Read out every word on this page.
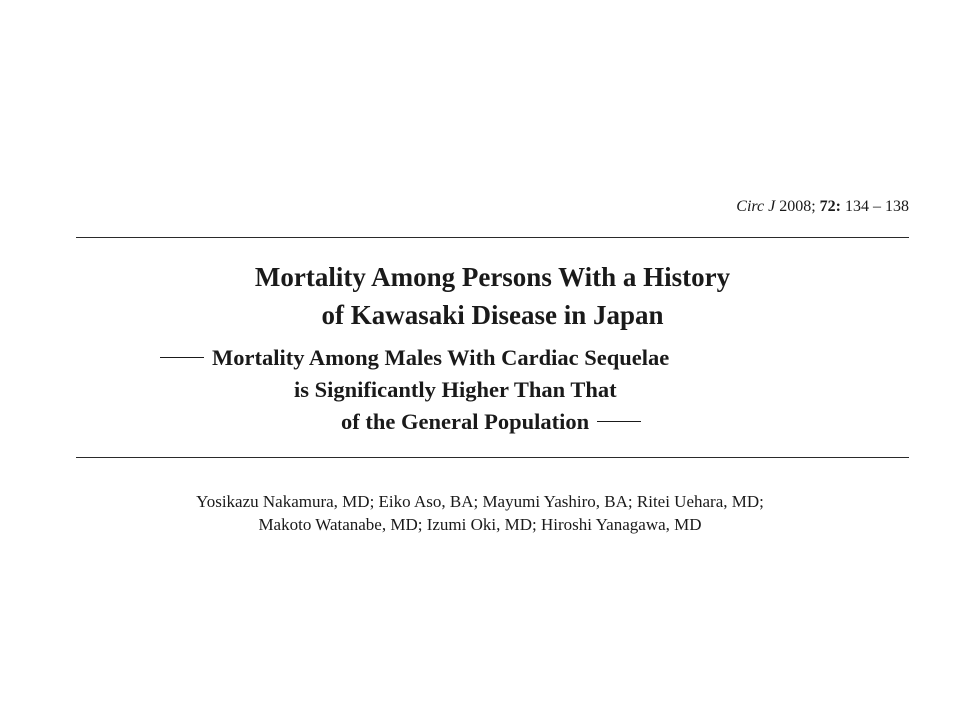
Circ J 2008; 72: 134 – 138
Mortality Among Persons With a History
of Kawasaki Disease in Japan
Mortality Among Males With Cardiac Sequelae
is Significantly Higher Than That
of the General Population
Yosikazu Nakamura, MD; Eiko Aso, BA; Mayumi Yashiro, BA; Ritei Uehara, MD;
Makoto Watanabe, MD; Izumi Oki, MD; Hiroshi Yanagawa, MD
